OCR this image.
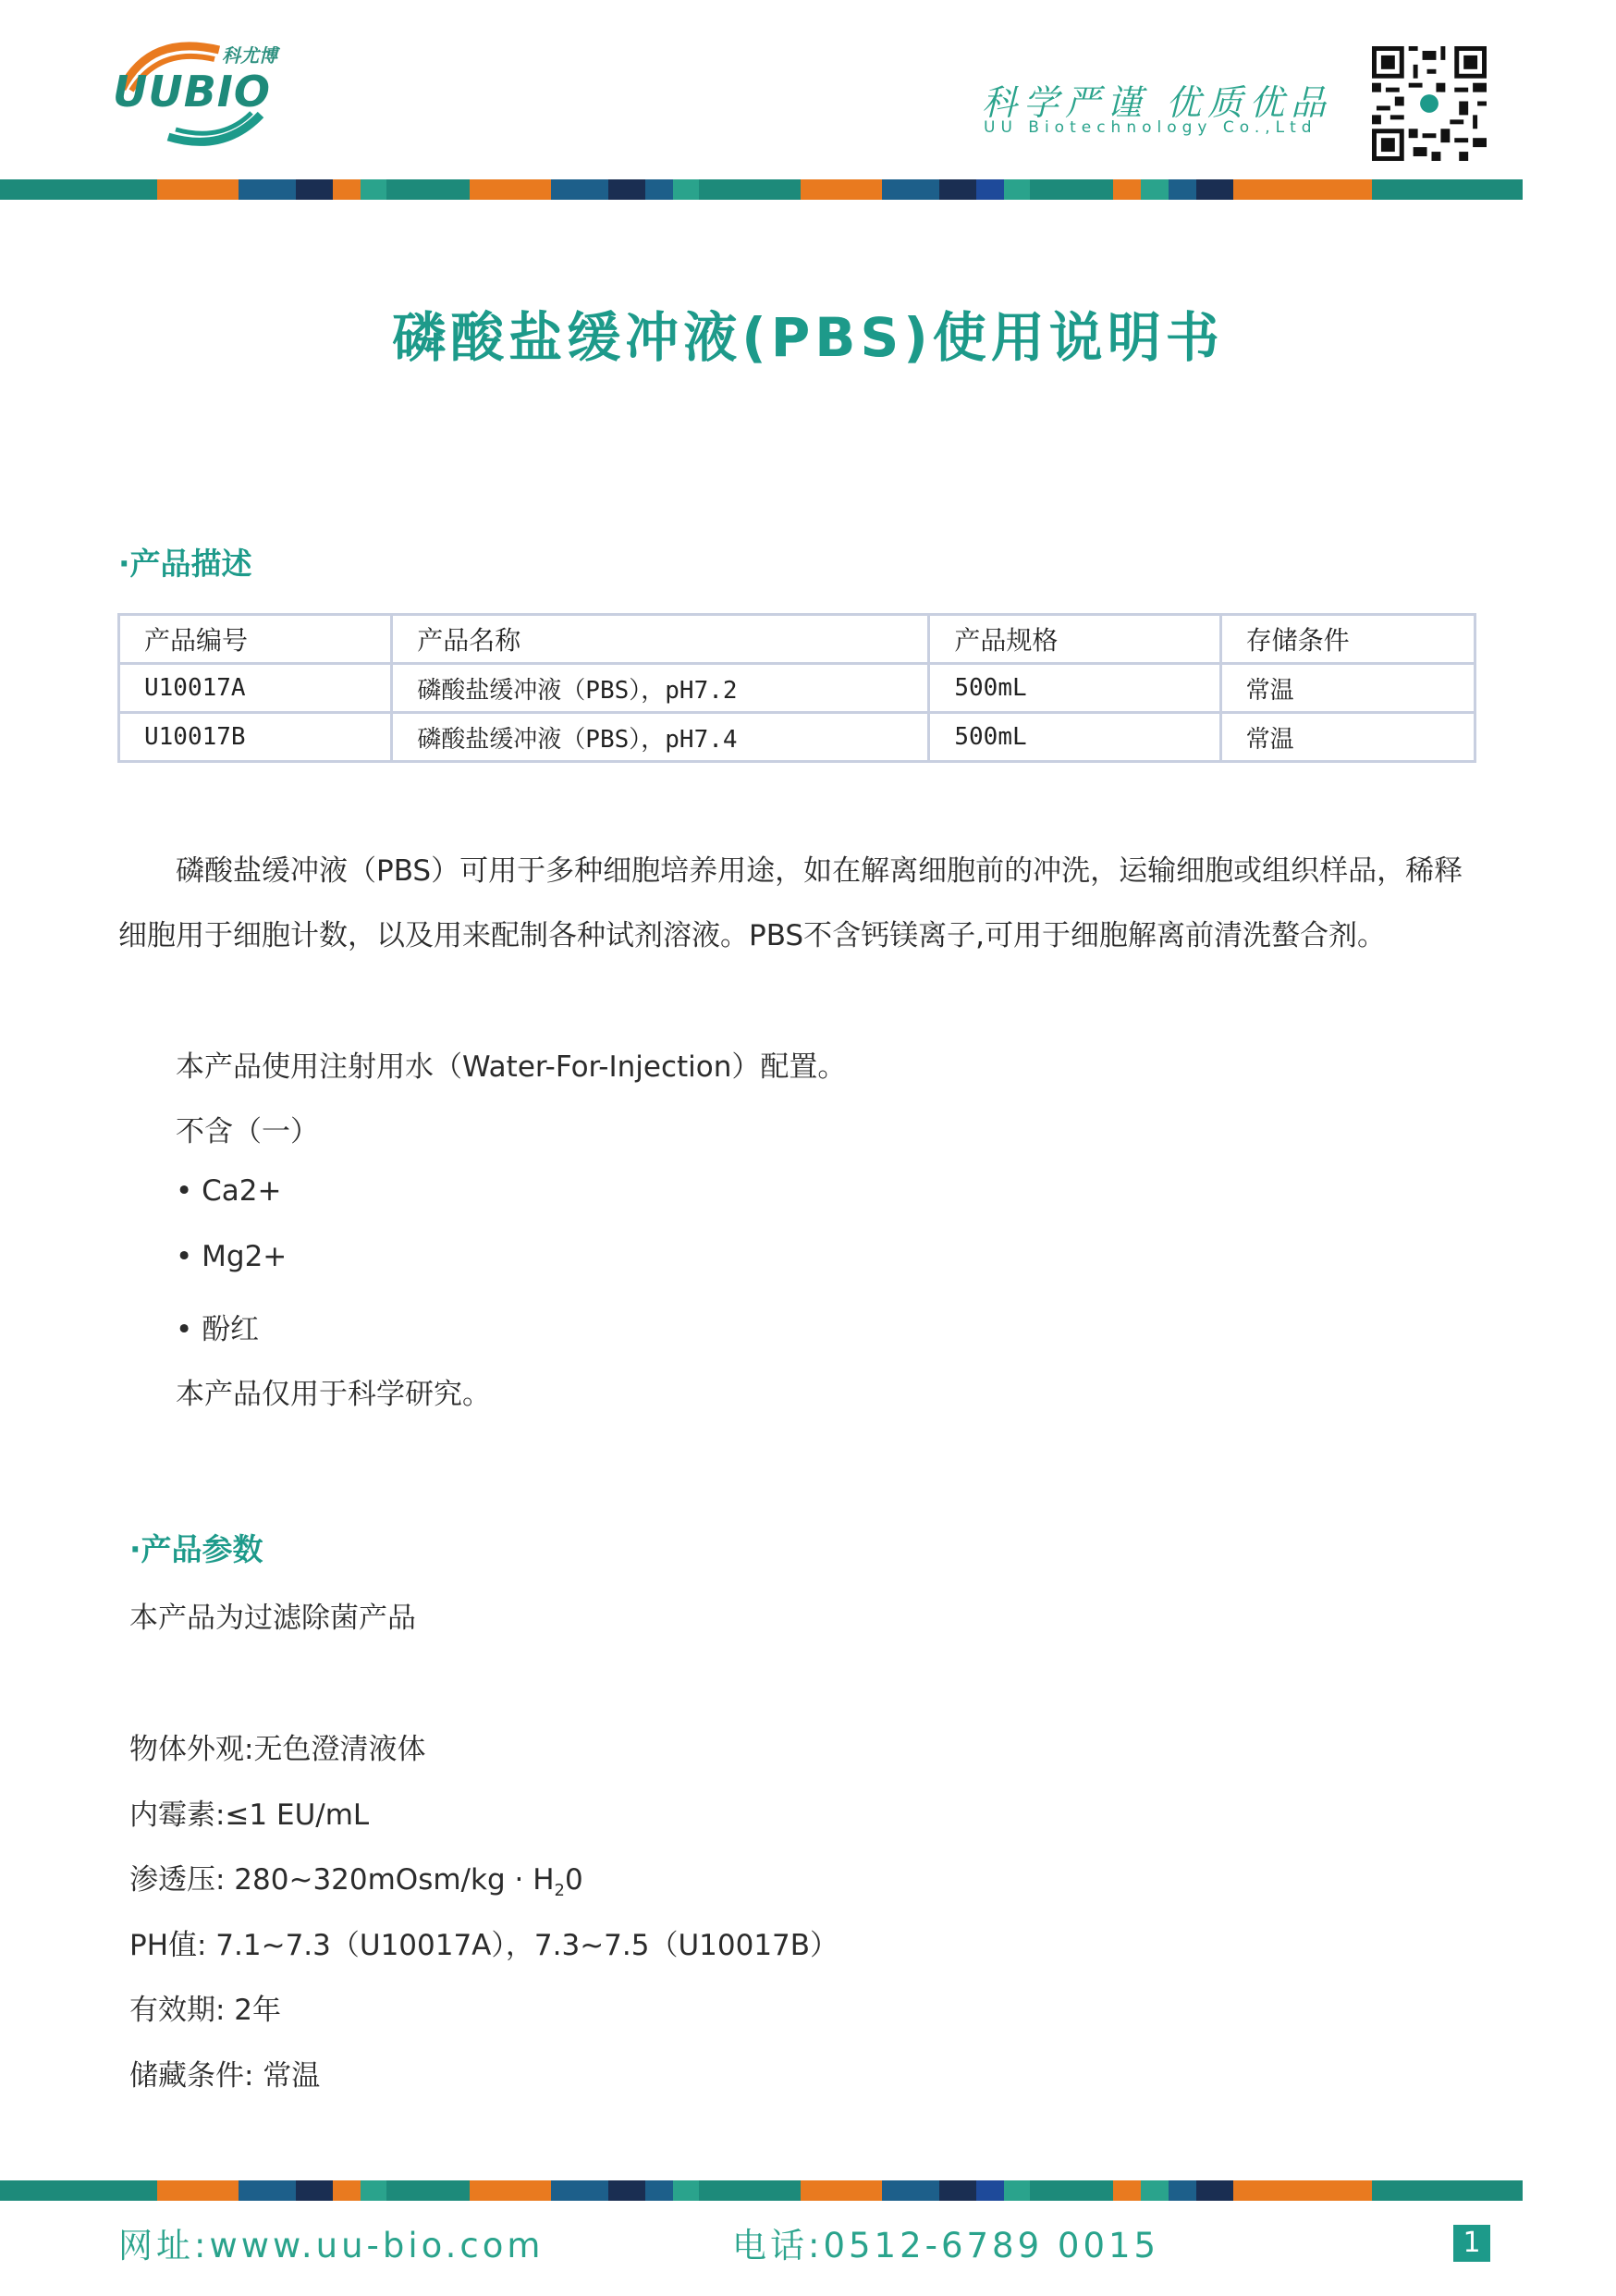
科尤博
UUBIO	科学严谨 优质优品
UU Biotechnology Co.,Ltd
磷酸盐缓冲液(PBS)使用说明书
·产品描述
产品编号	产品名称	产品规格	存储条件
U10017A	磷酸盐缓冲液（PBS），pH7.2	500mL	常温
U10017B	磷酸盐缓冲液（PBS），pH7.4	500mL	常温
磷酸盐缓冲液（PBS）可用于多种细胞培养用途，如在解离细胞前的冲洗，运输细胞或组织样品，稀释
细胞用于细胞计数，以及用来配制各种试剂溶液。PBS不含钙镁离子,可用于细胞解离前清洗螯合剂。
本产品使用注射用水（Water-For-Injection）配置。
不含（一）
• Ca2+
• Mg2+
• 酚红
本产品仅用于科学研究。
·产品参数
本产品为过滤除菌产品
物体外观:无色澄清液体
内霉素:≤1 EU/mL
渗透压: 280~320mOsm/kg · $H_20$
PH值: 7.1~7.3（U10017A），7.3~7.5（U10017B）
有效期: 2年
储藏条件: 常温
网址:www.uu-bio.com	电话:0512-6789 0015	1
